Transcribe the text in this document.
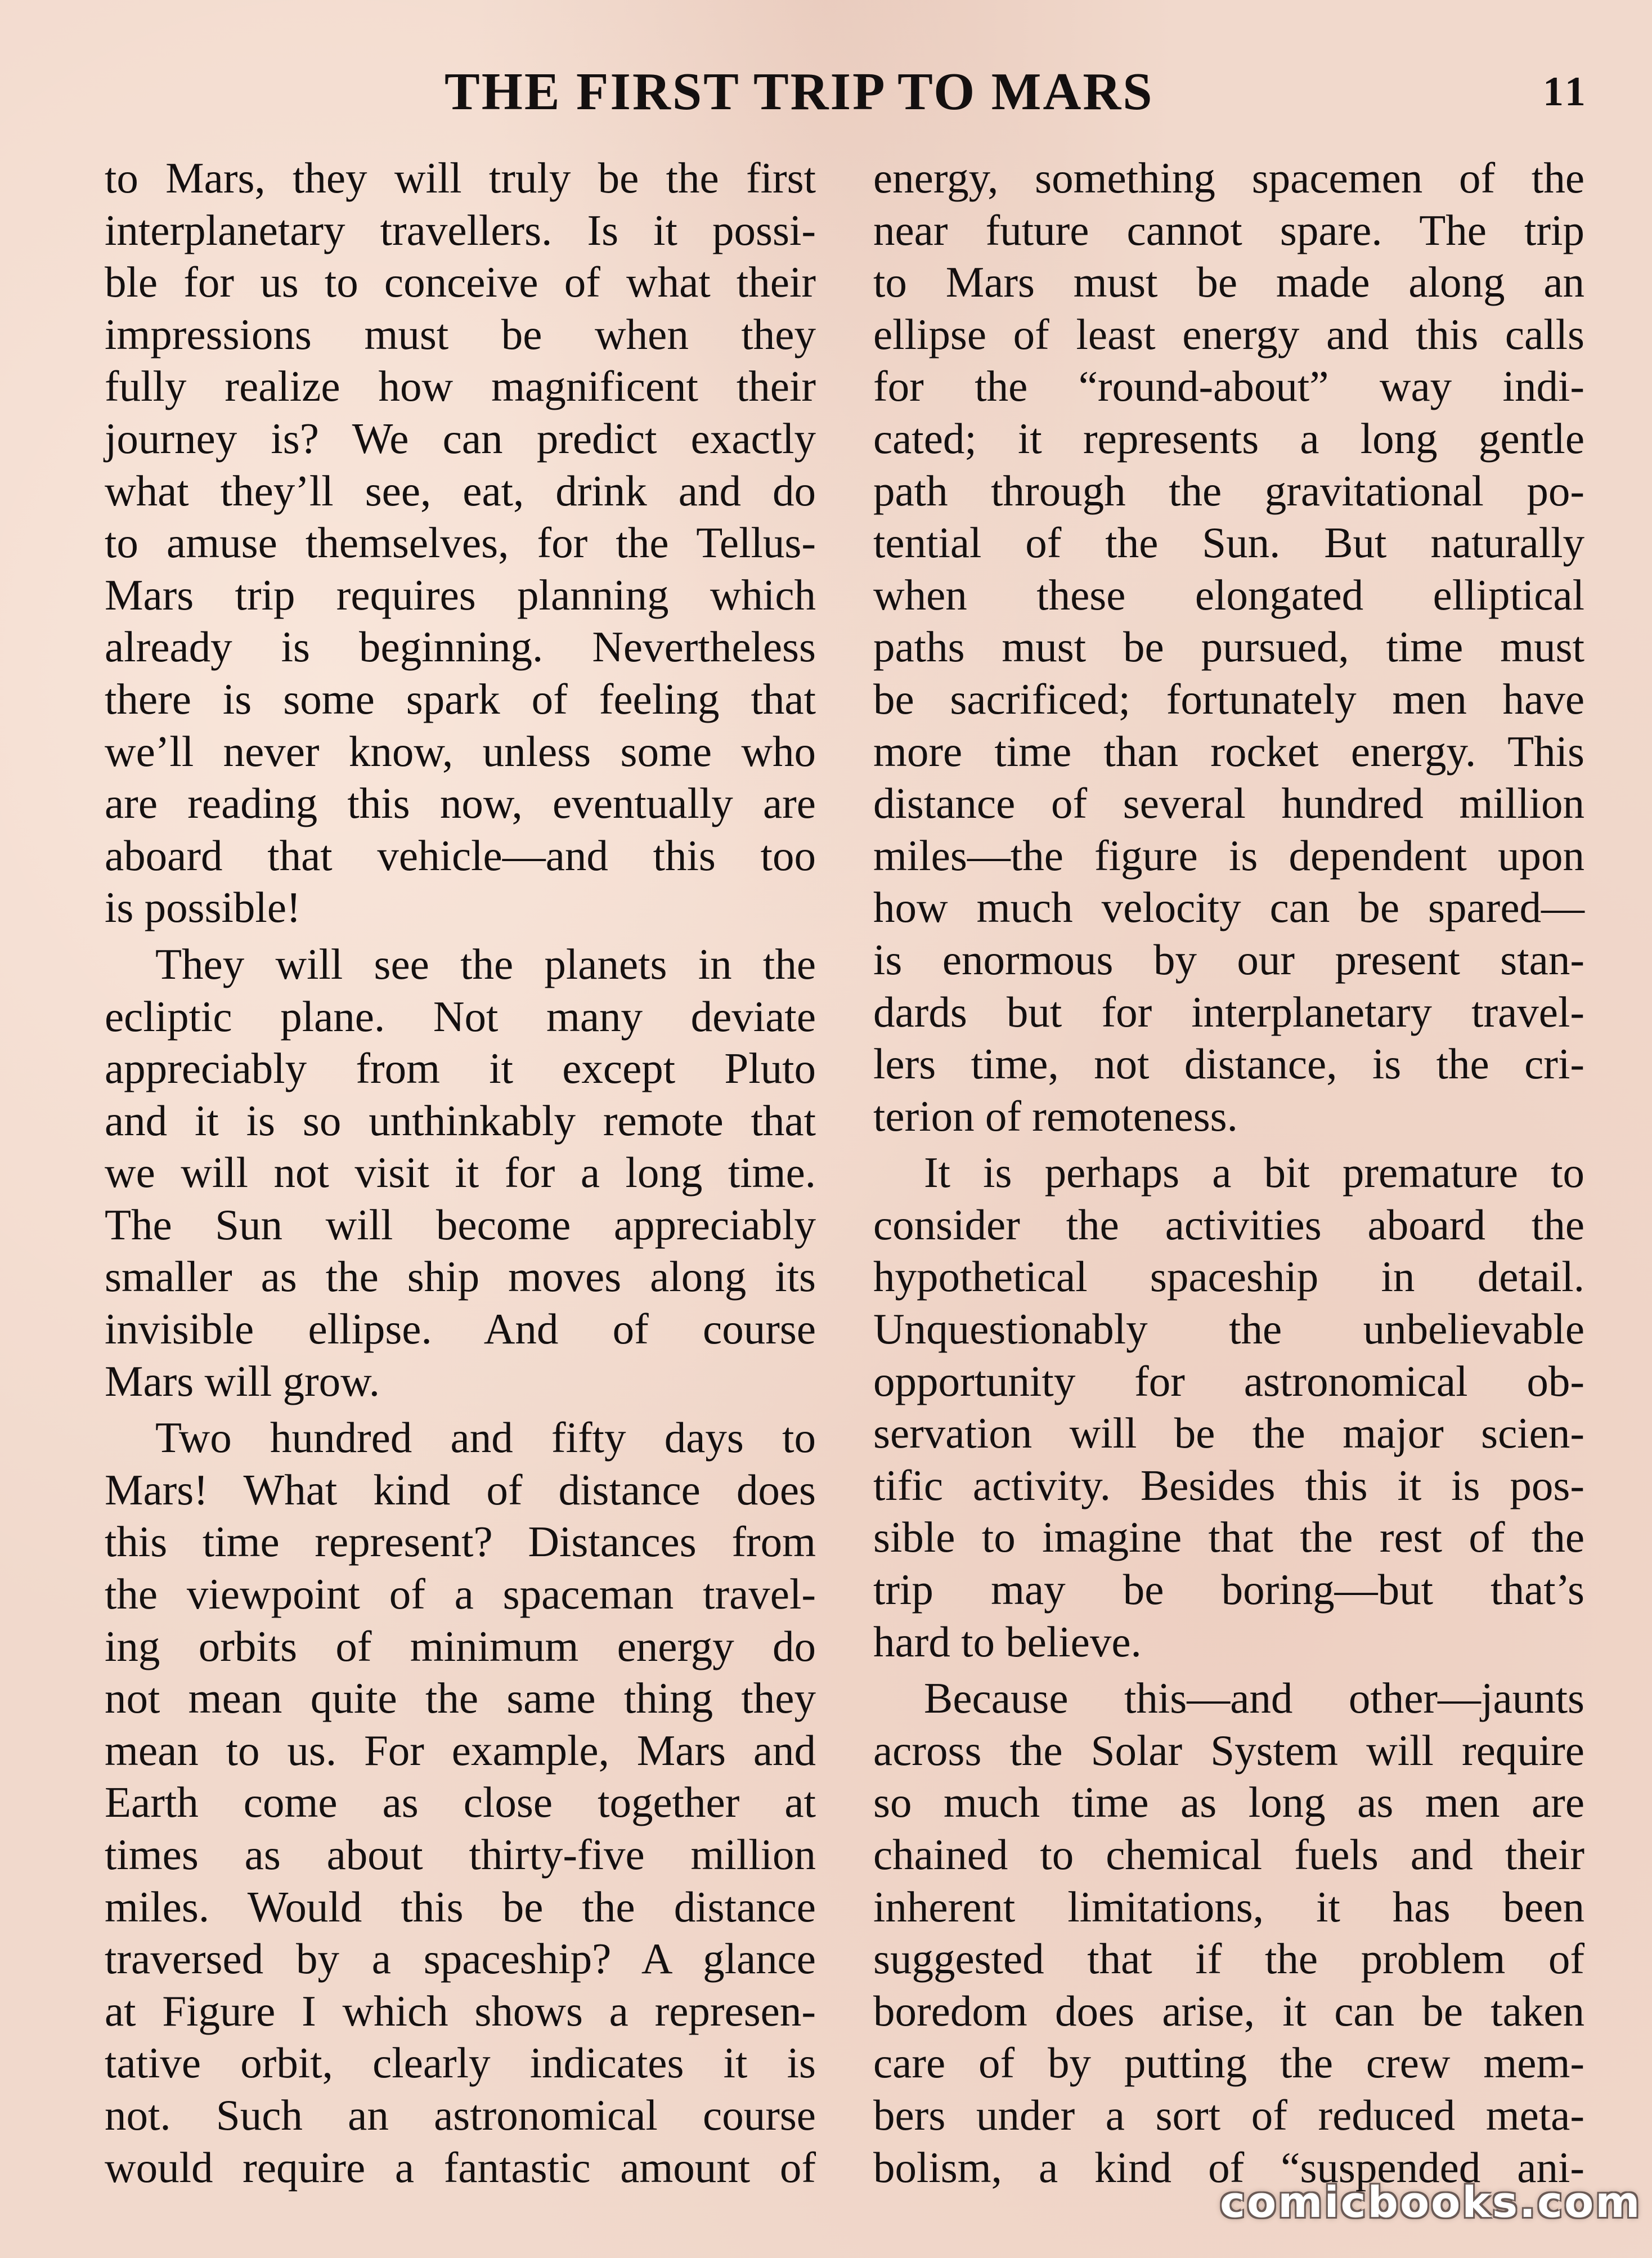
THE FIRST TRIP TO MARS	11
to Mars, they will truly be the first
interplanetary travellers. Is it possi-
ble for us to conceive of what their
impressions must be when they
fully realize how magnificent their
journey is? We can predict exactly
what they’ll see, eat, drink and do
to amuse themselves, for the Tellus-
Mars trip requires planning which
already is beginning. Nevertheless
there is some spark of feeling that
we’ll never know, unless some who
are reading this now, eventually are
aboard that vehicle—and this too
is possible!
They will see the planets in the
ecliptic plane. Not many deviate
appreciably from it except Pluto
and it is so unthinkably remote that
we will not visit it for a long time.
The Sun will become appreciably
smaller as the ship moves along its
invisible ellipse. And of course
Mars will grow.
Two hundred and fifty days to
Mars! What kind of distance does
this time represent? Distances from
the viewpoint of a spaceman travel-
ing orbits of minimum energy do
not mean quite the same thing they
mean to us. For example, Mars and
Earth come as close together at
times as about thirty-five million
miles. Would this be the distance
traversed by a spaceship? A glance
at Figure I which shows a represen-
tative orbit, clearly indicates it is
not. Such an astronomical course
would require a fantastic amount of
energy, something spacemen of the
near future cannot spare. The trip
to Mars must be made along an
ellipse of least energy and this calls
for the “round-about” way indi-
cated; it represents a long gentle
path through the gravitational po-
tential of the Sun. But naturally
when these elongated elliptical
paths must be pursued, time must
be sacrificed; fortunately men have
more time than rocket energy. This
distance of several hundred million
miles—the figure is dependent upon
how much velocity can be spared—
is enormous by our present stan-
dards but for interplanetary travel-
lers time, not distance, is the cri-
terion of remoteness.
It is perhaps a bit premature to
consider the activities aboard the
hypothetical spaceship in detail.
Unquestionably the unbelievable
opportunity for astronomical ob-
servation will be the major scien-
tific activity. Besides this it is pos-
sible to imagine that the rest of the
trip may be boring—but that’s
hard to believe.
Because this—and other—jaunts
across the Solar System will require
so much time as long as men are
chained to chemical fuels and their
inherent limitations, it has been
suggested that if the problem of
boredom does arise, it can be taken
care of by putting the crew mem-
bers under a sort of reduced meta-
bolism, a kind of “suspended ani-
comicbooks.com
